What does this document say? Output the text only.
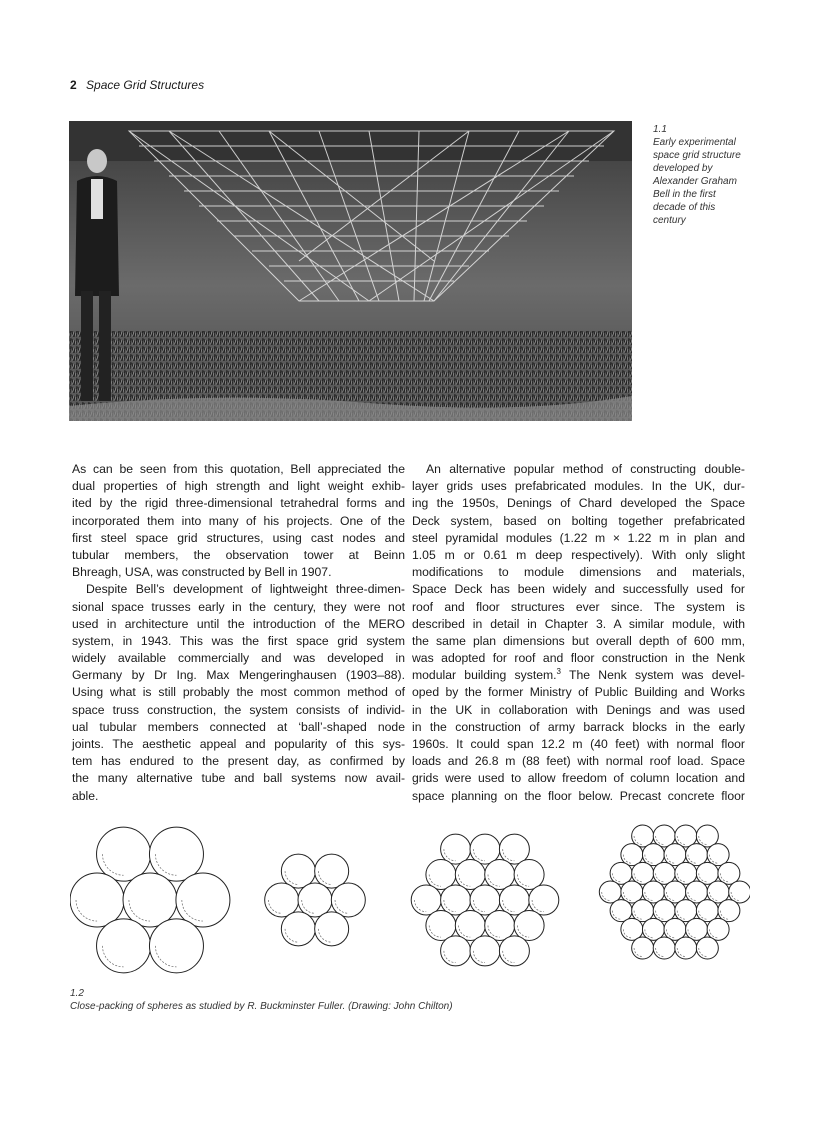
2 Space Grid Structures
1.1
Early experimental
space grid structure
developed by
Alexander Graham
Bell in the first
decade of this
century
As can be seen from this quotation, Bell appreciated the
dual properties of high strength and light weight exhib-
ited by the rigid three-dimensional tetrahedral forms and
incorporated them into many of his projects. One of the
first steel space grid structures, using cast nodes and
tubular members, the observation tower at Beinn
Bhreagh, USA, was constructed by Bell in 1907.
Despite Bell’s development of lightweight three-dimen-
sional space trusses early in the century, they were not
used in architecture until the introduction of the MERO
system, in 1943. This was the first space grid system
widely available commercially and was developed in
Germany by Dr Ing. Max Mengeringhausen (1903–88).
Using what is still probably the most common method of
space truss construction, the system consists of individ-
ual tubular members connected at ‘ball’-shaped node
joints. The aesthetic appeal and popularity of this sys-
tem has endured to the present day, as confirmed by
the many alternative tube and ball systems now avail-
able.
An alternative popular method of constructing double-
layer grids uses prefabricated modules. In the UK, dur-
ing the 1950s, Denings of Chard developed the Space
Deck system, based on bolting together prefabricated
steel pyramidal modules (1.22 m × 1.22 m in plan and
1.05 m or 0.61 m deep respectively). With only slight
modifications to module dimensions and materials,
Space Deck has been widely and successfully used for
roof and floor structures ever since. The system is
described in detail in Chapter 3. A similar module, with
the same plan dimensions but overall depth of 600 mm,
was adopted for roof and floor construction in the Nenk
modular building system.$^3$ The Nenk system was devel-
oped by the former Ministry of Public Building and Works
in the UK in collaboration with Denings and was used
in the construction of army barrack blocks in the early
1960s. It could span 12.2 m (40 feet) with normal floor
loads and 26.8 m (88 feet) with normal roof load. Space
grids were used to allow freedom of column location and
space planning on the floor below. Precast concrete floor
1.2
Close-packing of spheres as studied by R. Buckminster Fuller. (Drawing: John Chilton)
